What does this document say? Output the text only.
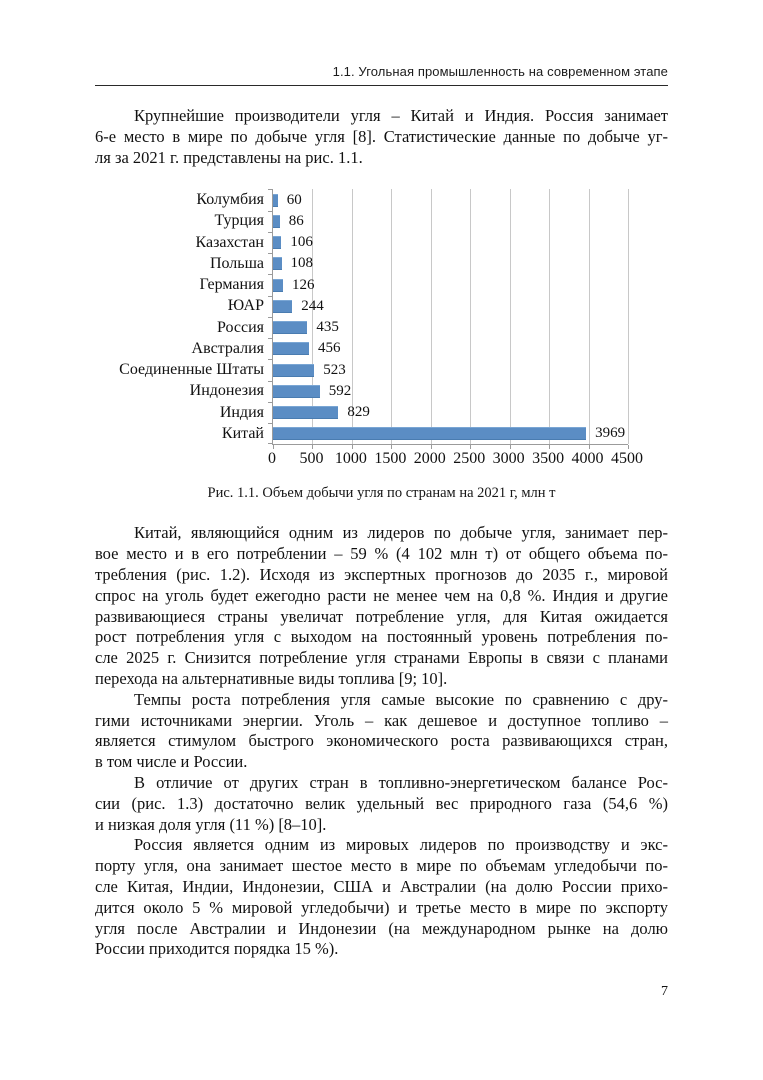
1.1. Угольная промышленность на современном этапе
Крупнейшие производители угля – Китай и Индия. Россия занимает
6-е место в мире по добыче угля [8]. Статистические данные по добыче уг-
ля за 2021 г. представлены на рис. 1.1.
Колумбия
Турция
Казахстан
Польша
Германия
ЮАР
Россия
Австралия
Соединенные Штаты
Индонезия
Индия
Китай
60
86
106
108
126
244
435
456
523
592
829
3969
0 500 1000 1500 2000 2500 3000 3500 4000 4500
Рис. 1.1. Объем добычи угля по странам на 2021 г, млн т
Китай, являющийся одним из лидеров по добыче угля, занимает пер-
вое место и в его потреблении – 59 % (4 102 млн т) от общего объема по-
требления (рис. 1.2). Исходя из экспертных прогнозов до 2035 г., мировой
спрос на уголь будет ежегодно расти не менее чем на 0,8 %. Индия и другие
развивающиеся страны увеличат потребление угля, для Китая ожидается
рост потребления угля с выходом на постоянный уровень потребления по-
сле 2025 г. Снизится потребление угля странами Европы в связи с планами
перехода на альтернативные виды топлива [9; 10].
Темпы роста потребления угля самые высокие по сравнению с дру-
гими источниками энергии. Уголь – как дешевое и доступное топливо –
является стимулом быстрого экономического роста развивающихся стран,
в том числе и России.
В отличие от других стран в топливно-энергетическом балансе Рос-
сии (рис. 1.3) достаточно велик удельный вес природного газа (54,6 %)
и низкая доля угля (11 %) [8–10].
Россия является одним из мировых лидеров по производству и экс-
порту угля, она занимает шестое место в мире по объемам угледобычи по-
сле Китая, Индии, Индонезии, США и Австралии (на долю России прихо-
дится около 5 % мировой угледобычи) и третье место в мире по экспорту
угля после Австралии и Индонезии (на международном рынке на долю
России приходится порядка 15 %).
7
